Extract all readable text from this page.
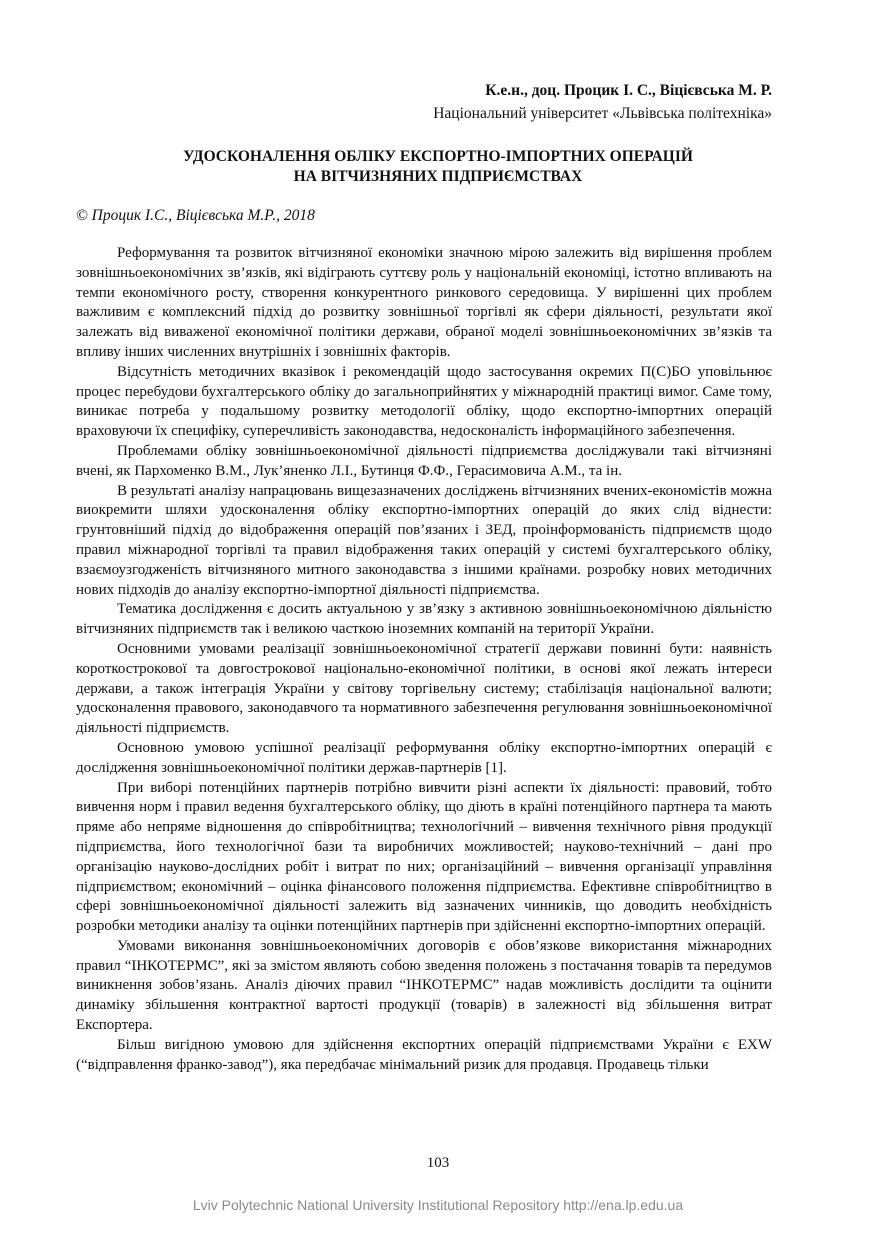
К.е.н., доц. Процик І. С., Віцієвська М. Р.
Національний університет «Львівська політехніка»
УДОСКОНАЛЕННЯ ОБЛІКУ ЕКСПОРТНО-ІМПОРТНИХ ОПЕРАЦІЙ
НА ВІТЧИЗНЯНИХ ПІДПРИЄМСТВАХ
© Процик І.С., Віцієвська М.Р., 2018

Реформування та розвиток вітчизняної економіки значною мірою залежить від вирішення проблем зовнішньоекономічних зв’язків, які відіграють суттєву роль у національній економіці, істотно впливають на темпи економічного росту, створення конкурентного ринкового середовища. У вирішенні цих проблем важливим є комплексний підхід до розвитку зовнішньої торгівлі як сфери діяльності, результати якої залежать від виваженої економічної політики держави, обраної моделі зовнішньоекономічних зв’язків та впливу інших численних внутрішніх і зовнішніх факторів.

Відсутність методичних вказівок і рекомендацій щодо застосування окремих П(С)БО уповільнює процес перебудови бухгалтерського обліку до загальноприйнятих у міжнародній практиці вимог. Саме тому, виникає потреба у подальшому розвитку методології обліку, щодо експортно-імпортних операцій враховуючи їх специфіку, суперечливість законодавства, недосконалість інформаційного забезпечення.

Проблемами обліку зовнішньоекономічної діяльності підприємства досліджували такі вітчизняні вчені, як Пархоменко В.М., Лук’яненко Л.І., Бутинця Ф.Ф., Герасимовича А.М., та ін.

В результаті аналізу напрацювань вищезазначених досліджень вітчизняних вчених-економістів можна виокремити шляхи удосконалення обліку експортно-імпортних операцій до яких слід віднести: грунтовніший підхід до відображення операцій пов’язаних і ЗЕД, проінформованість підприємств щодо правил міжнародної торгівлі та правил відображення таких операцій у системі бухгалтерського обліку, взаємоузгодженість вітчизняного митного законодавства з іншими країнами. розробку нових методичних нових підходів до аналізу експортно-імпортної діяльності підприємства.

Тематика дослідження є досить актуальною у зв’язку з активною зовнішньоекономічною діяльністю вітчизняних підприємств так і великою часткою іноземних компаній на території України.

Основними умовами реалізації зовнішньоекономічної стратегії держави повинні бути: наявність короткострокової та довгострокової національно-економічної політики, в основі якої лежать інтереси держави, а також інтеграція України у світову торгівельну систему; стабілізація національної валюти; удосконалення правового, законодавчого та нормативного забезпечення регулювання зовнішньоекономічної діяльності підприємств.

Основною умовою успішної реалізації реформування обліку експортно-імпортних операцій є дослідження зовнішньоекономічної політики держав-партнерів [1].

При виборі потенційних партнерів потрібно вивчити різні аспекти їх діяльності: правовий, тобто вивчення норм і правил ведення бухгалтерського обліку, що діють в країні потенційного партнера та мають пряме або непряме відношення до співробітництва; технологічний – вивчення технічного рівня продукції підприємства, його технологічної бази та виробничих можливостей; науково-технічний – дані про організацію науково-дослідних робіт і витрат по них; організаційний – вивчення організації управління підприємством; економічний – оцінка фінансового положення підприємства. Ефективне співробітництво в сфері зовнішньоекономічної діяльності залежить від зазначених чинників, що доводить необхідність розробки методики аналізу та оцінки потенційних партнерів при здійсненні експортно-імпортних операцій.

Умовами виконання зовнішньоекономічних договорів є обов’язкове використання міжнародних правил “ІНКОТЕРМС”, які за змістом являють собою зведення положень з постачання товарів та передумов виникнення зобов’язань. Аналіз діючих правил “ІНКОТЕРМС” надав можливість дослідити та оцінити динаміку збільшення контрактної вартості продукції (товарів) в залежності від збільшення витрат Експортера.

Більш вигідною умовою для здійснення експортних операцій підприємствами України є EXW (“відправлення франко-завод”), яка передбачає мінімальний ризик для продавця. Продавець тільки

103
Lviv Polytechnic National University Institutional Repository http://ena.lp.edu.ua
